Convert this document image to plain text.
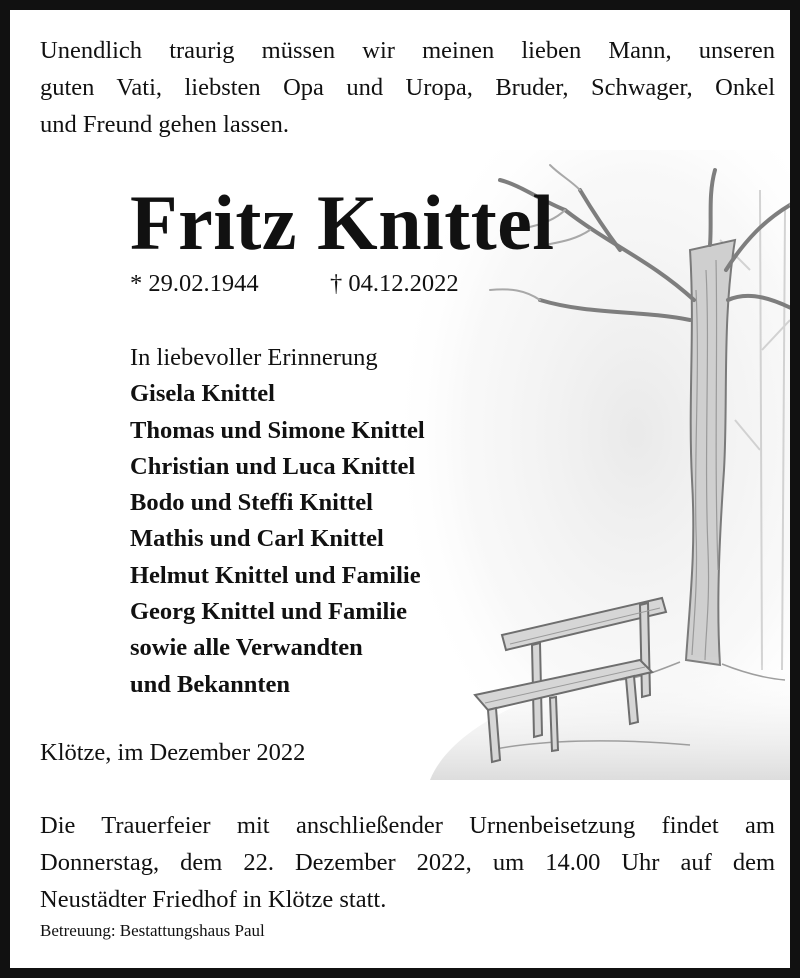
Unendlich traurig müssen wir meinen lieben Mann, unseren
guten Vati, liebsten Opa und Uropa, Bruder, Schwager, Onkel
und Freund gehen lassen.
Fritz Knittel
* 29.02.1944	† 04.12.2022
In liebevoller Erinnerung
Gisela Knittel
Thomas und Simone Knittel
Christian und Luca Knittel
Bodo und Steffi Knittel
Mathis und Carl Knittel
Helmut Knittel und Familie
Georg Knittel und Familie
sowie alle Verwandten
und Bekannten
Klötze, im Dezember 2022
Die Trauerfeier mit anschließender Urnenbeisetzung findet am
Donnerstag, dem 22. Dezember 2022, um 14.00 Uhr auf dem
Neustädter Friedhof in Klötze statt.
Betreuung: Bestattungshaus Paul
